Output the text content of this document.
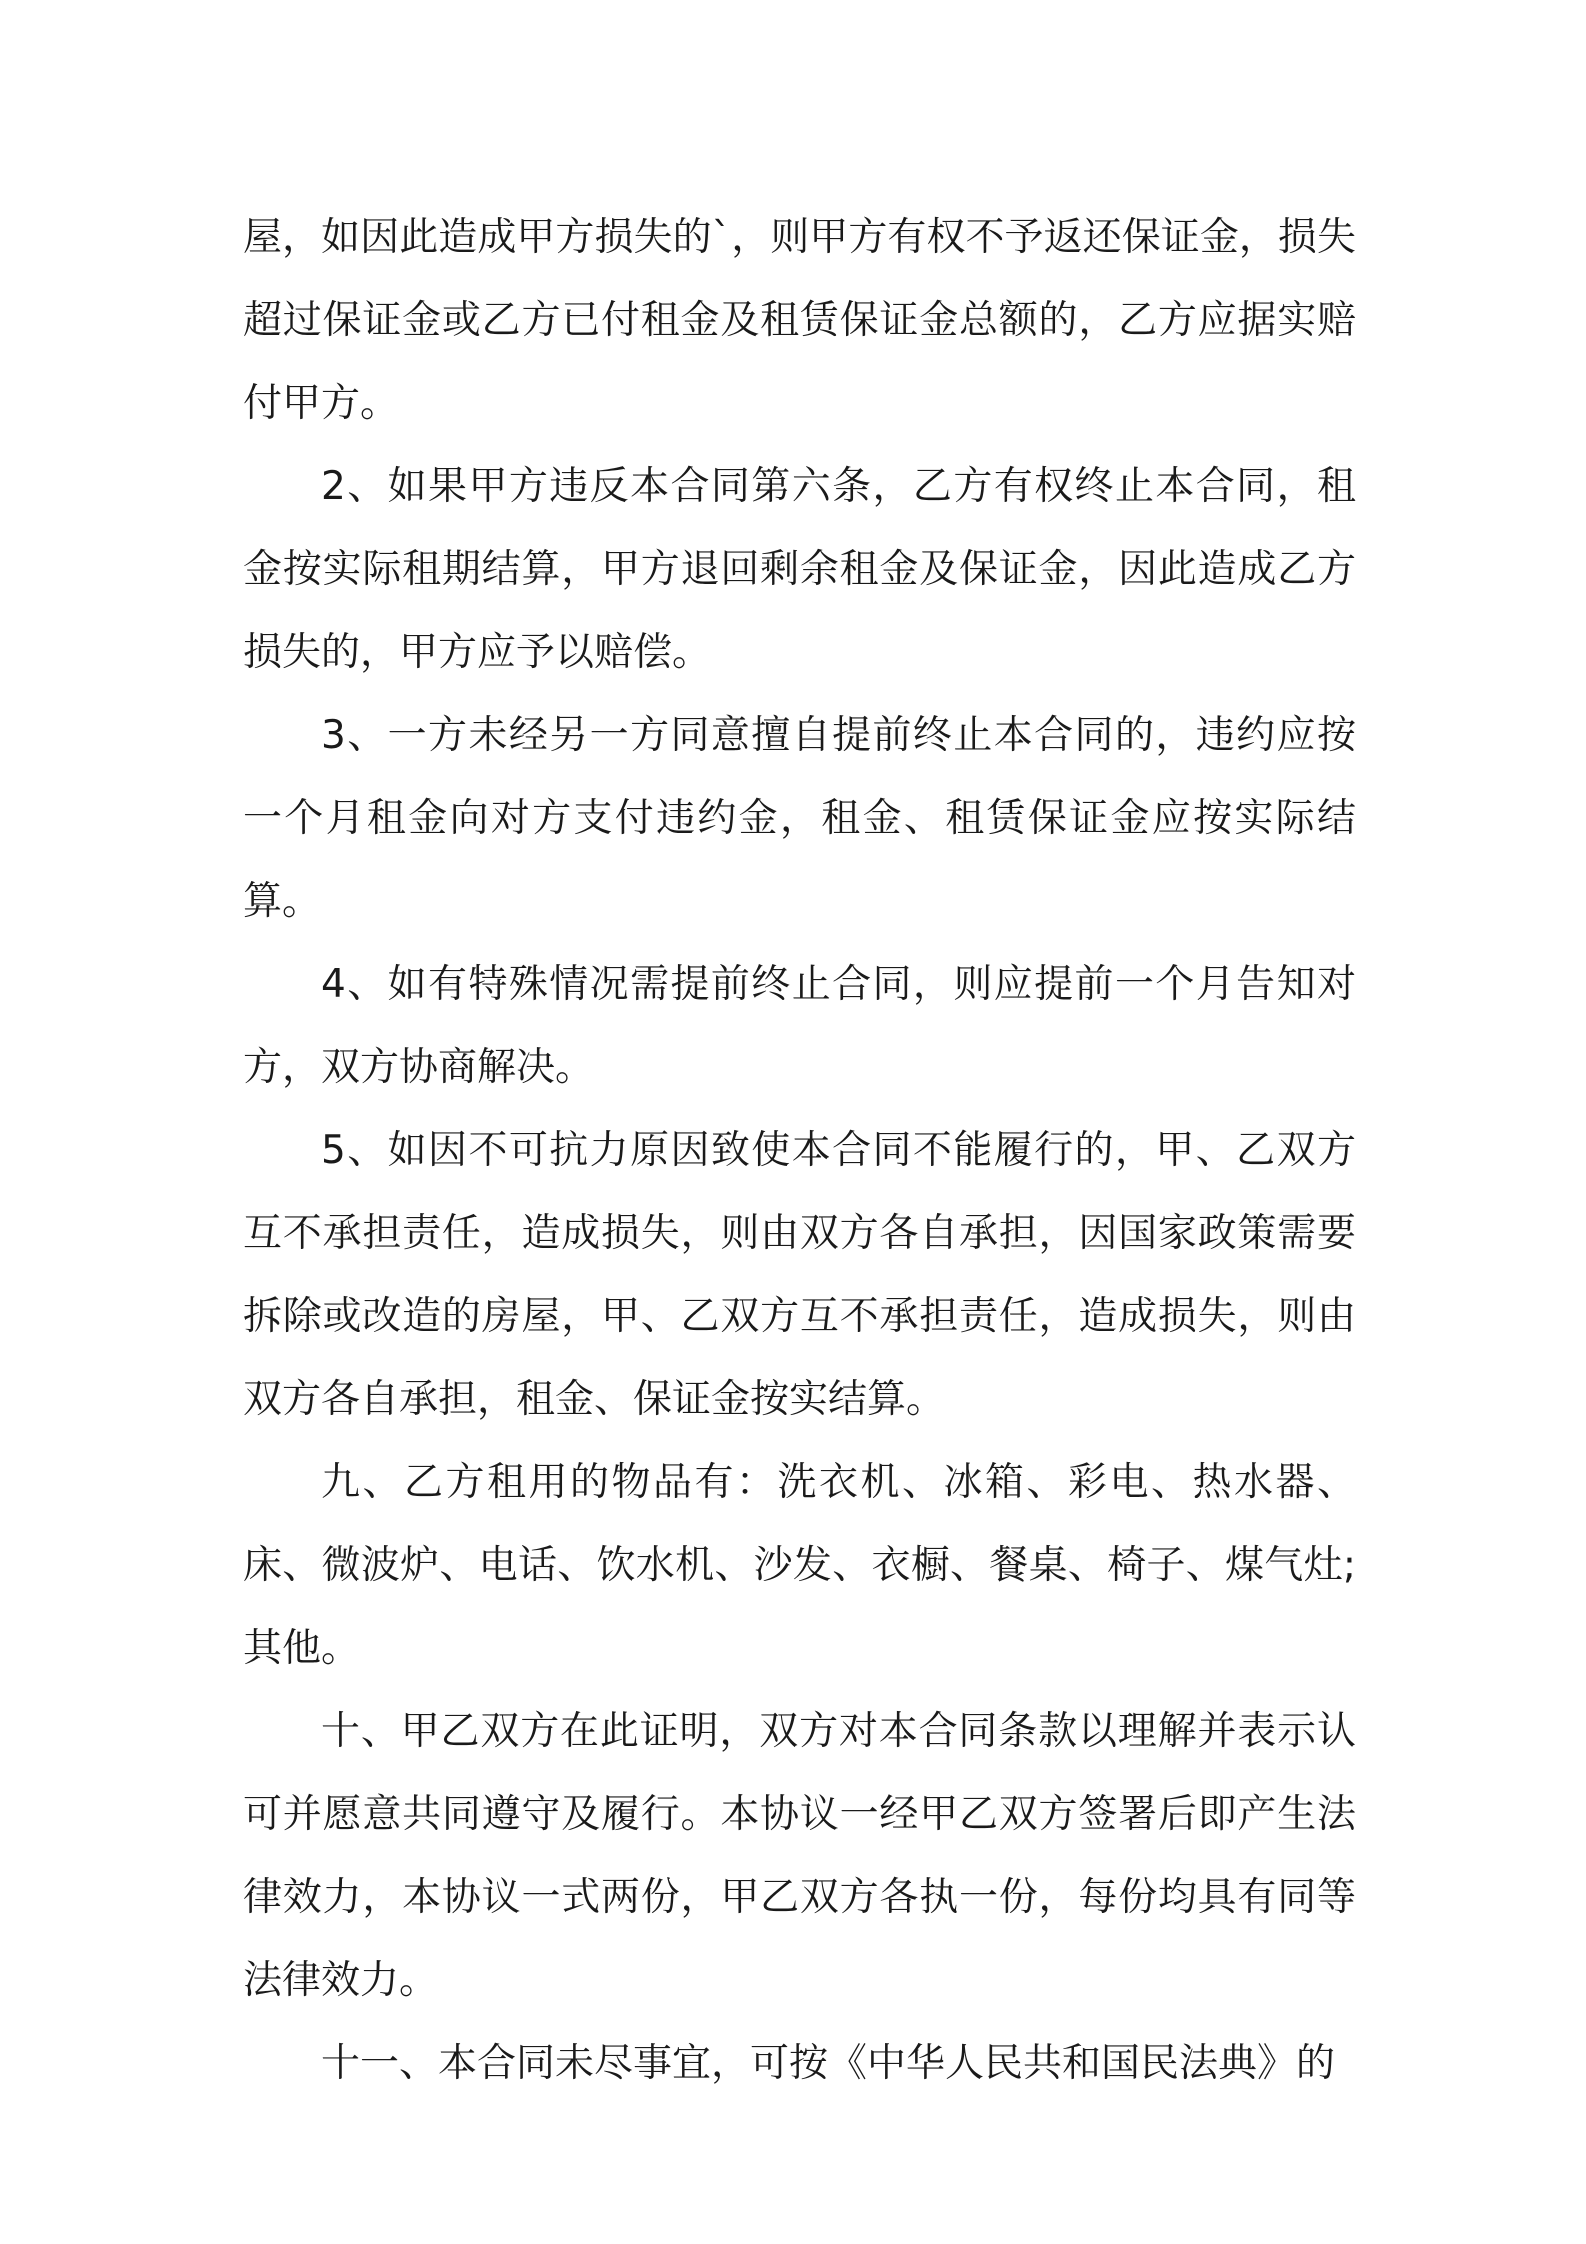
屋，如因此造成甲方损失的`，则甲方有权不予返还保证金，损失超过保证金或乙方已付租金及租赁保证金总额的，乙方应据实赔付甲方。

2、如果甲方违反本合同第六条，乙方有权终止本合同，租金按实际租期结算，甲方退回剩余租金及保证金，因此造成乙方损失的，甲方应予以赔偿。

3、一方未经另一方同意擅自提前终止本合同的，违约应按一个月租金向对方支付违约金，租金、租赁保证金应按实际结算。

4、如有特殊情况需提前终止合同，则应提前一个月告知对方，双方协商解决。

5、如因不可抗力原因致使本合同不能履行的，甲、乙双方互不承担责任，造成损失，则由双方各自承担，因国家政策需要拆除或改造的房屋，甲、乙双方互不承担责任，造成损失，则由双方各自承担，租金、保证金按实结算。

九、乙方租用的物品有：洗衣机、冰箱、彩电、热水器、床、微波炉、电话、饮水机、沙发、衣橱、餐桌、椅子、煤气灶;其他。

十、甲乙双方在此证明，双方对本合同条款以理解并表示认可并愿意共同遵守及履行。本协议一经甲乙双方签署后即产生法律效力，本协议一式两份，甲乙双方各执一份，每份均具有同等法律效力。

十一、本合同未尽事宜，可按《中华人民共和国民法典》的
